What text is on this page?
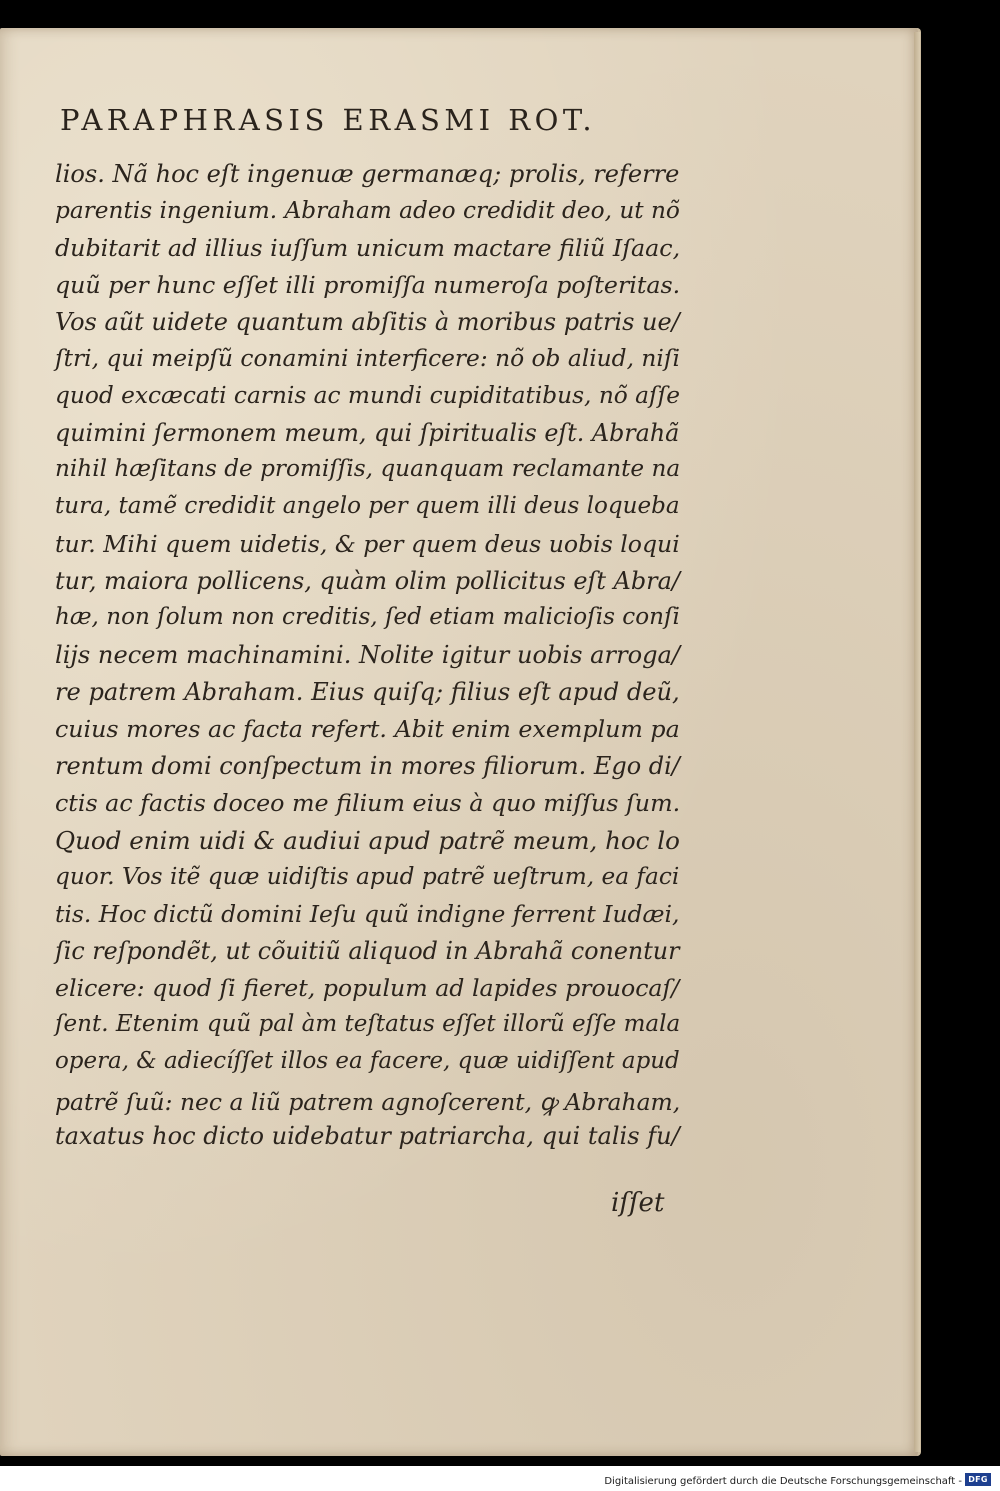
PARAPHRASIS ERASMI ROT.
lios. Nã hoc eſt ingenuæ germanæq; prolis, referre
parentis ingenium. Abraham adeo credidit deo, ut nõ
dubitarit ad illius iuſſum unicum mactare filiũ Iſaac,
quũ per hunc eſſet illi promiſſa numeroſa poſteritas.
Vos aũt uidete quantum abſitis à moribus patris ue/
ſtri, qui meipſũ conamini interficere: nõ ob aliud, niſi
quod excæcati carnis ac mundi cupiditatibus, nõ aſſe
quimini ſermonem meum, qui ſpiritualis eſt. Abrahã
nihil hæſitans de promiſſis, quanquam reclamante na
tura, tamẽ credidit angelo per quem illi deus loqueba
tur. Mihi quem uidetis, & per quem deus uobis loqui
tur, maiora pollicens, quàm olim pollicitus eſt Abra/
hæ, non ſolum non creditis, ſed etiam malicioſis conſi
lijs necem machinamini. Nolite igitur uobis arroga/
re patrem Abraham. Eius quiſq; filius eſt apud deũ,
cuius mores ac facta refert. Abit enim exemplum pa
rentum domi conſpectum in mores filiorum. Ego di/
ctis ac factis doceo me filium eius à quo miſſus ſum.
Quod enim uidi & audiui apud patrẽ meum, hoc lo
quor. Vos itẽ quæ uidiſtis apud patrẽ ueſtrum, ea faci
tis. Hoc dictũ domini Ieſu quũ indigne ferrent Iudæi,
ſic reſpondẽt, ut cõuitiũ aliquod in Abrahã conentur
elicere: quod ſi fieret, populum ad lapides prouocaſ/
ſent. Etenim quũ pal àm teſtatus eſſet illorũ eſſe mala
opera, & adiecíſſet illos ea facere, quæ uidiſſent apud
patrẽ ſuũ: nec a liũ patrem agnoſcerent, ꝙ Abraham,
taxatus hoc dicto uidebatur patriarcha, qui talis fu/
iſſet
Digitalisierung gefördert durch die Deutsche Forschungsgemeinschaft - DFG
